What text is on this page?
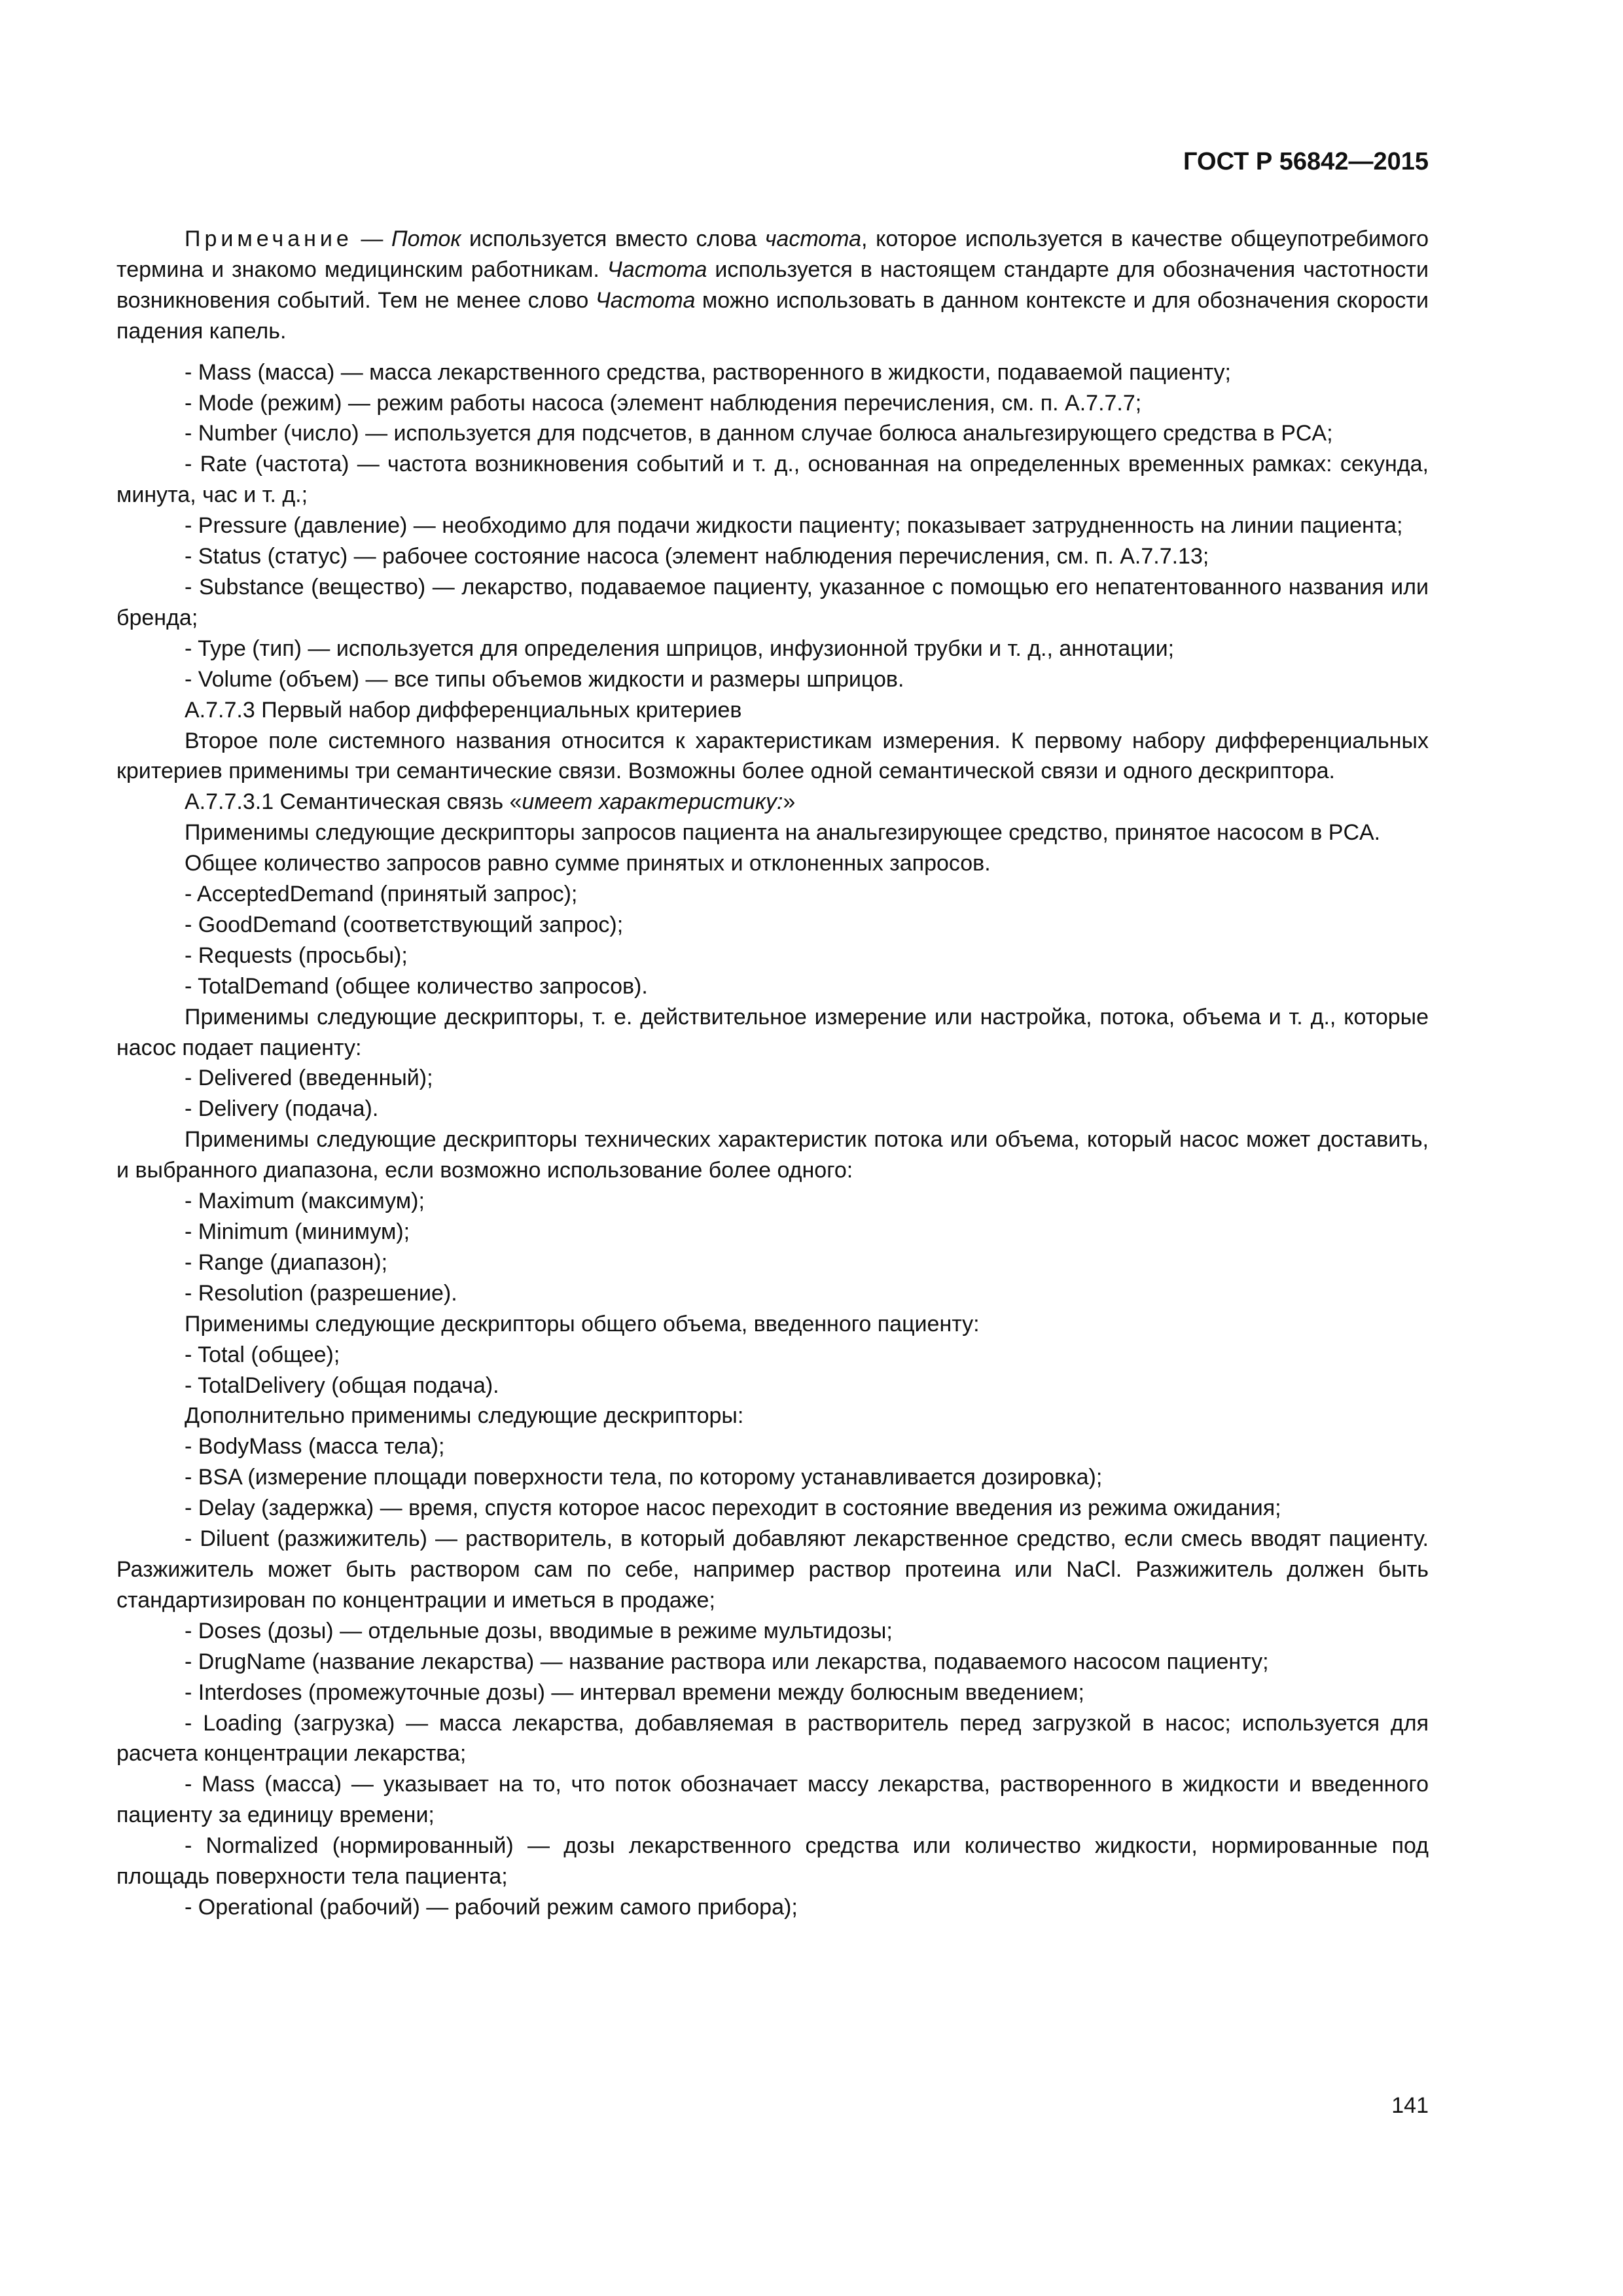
ГОСТ Р 56842—2015

Примечание — Поток используется вместо слова частота, которое используется в качестве общеупотребимого термина и знакомо медицинским работникам. Частота используется в настоящем стандарте для обозначения частотности возникновения событий. Тем не менее слово Частота можно использовать в данном контексте и для обозначения скорости падения капель.

- Mass (масса) — масса лекарственного средства, растворенного в жидкости, подаваемой пациенту;

- Mode (режим) — режим работы насоса (элемент наблюдения перечисления, см. п. А.7.7.7;

- Number (число) — используется для подсчетов, в данном случае болюса анальгезирующего средства в PCA;

- Rate (частота) — частота возникновения событий и т. д., основанная на определенных временных рамках: секунда, минута, час и т. д.;

- Pressure (давление) — необходимо для подачи жидкости пациенту; показывает затрудненность на линии пациента;

- Status (статус) — рабочее состояние насоса (элемент наблюдения перечисления, см. п. А.7.7.13;

- Substance (вещество) — лекарство, подаваемое пациенту, указанное с помощью его непатентованного названия или бренда;

- Type (тип) — используется для определения шприцов, инфузионной трубки и т. д., аннотации;

- Volume (объем) — все типы объемов жидкости и размеры шприцов.

А.7.7.3 Первый набор дифференциальных критериев

Второе поле системного названия относится к характеристикам измерения. К первому набору дифференциальных критериев применимы три семантические связи. Возможны более одной семантической связи и одного дескриптора.

А.7.7.3.1 Семантическая связь «имеет характеристику:»

Применимы следующие дескрипторы запросов пациента на анальгезирующее средство, принятое насосом в PCA.

Общее количество запросов равно сумме принятых и отклоненных запросов.

- AcceptedDemand (принятый запрос);

- GoodDemand (соответствующий запрос);

- Requests (просьбы);

- TotalDemand (общее количество запросов).

Применимы следующие дескрипторы, т. е. действительное измерение или настройка, потока, объема и т. д., которые насос подает пациенту:

- Delivered (введенный);

- Delivery (подача).

Применимы следующие дескрипторы технических характеристик потока или объема, который насос может доставить, и выбранного диапазона, если возможно использование более одного:

- Maximum (максимум);

- Minimum (минимум);

- Range (диапазон);

- Resolution (разрешение).

Применимы следующие дескрипторы общего объема, введенного пациенту:

- Total (общее);

- TotalDelivery (общая подача).

Дополнительно применимы следующие дескрипторы:

- BodyMass (масса тела);

- BSA (измерение площади поверхности тела, по которому устанавливается дозировка);

- Delay (задержка) — время, спустя которое насос переходит в состояние введения из режима ожидания;

- Diluent (разжижитель) — растворитель, в который добавляют лекарственное средство, если смесь вводят пациенту. Разжижитель может быть раствором сам по себе, например раствор протеина или NaCl. Разжижитель должен быть стандартизирован по концентрации и иметься в продаже;

- Doses (дозы) — отдельные дозы, вводимые в режиме мультидозы;

- DrugName (название лекарства) — название раствора или лекарства, подаваемого насосом пациенту;

- Interdoses (промежуточные дозы) — интервал времени между болюсным введением;

- Loading (загрузка) — масса лекарства, добавляемая в растворитель перед загрузкой в насос; используется для расчета концентрации лекарства;

- Mass (масса) — указывает на то, что поток обозначает массу лекарства, растворенного в жидкости и введенного пациенту за единицу времени;

- Normalized (нормированный) — дозы лекарственного средства или количество жидкости, нормированные под площадь поверхности тела пациента;

- Operational (рабочий) — рабочий режим самого прибора);

141
